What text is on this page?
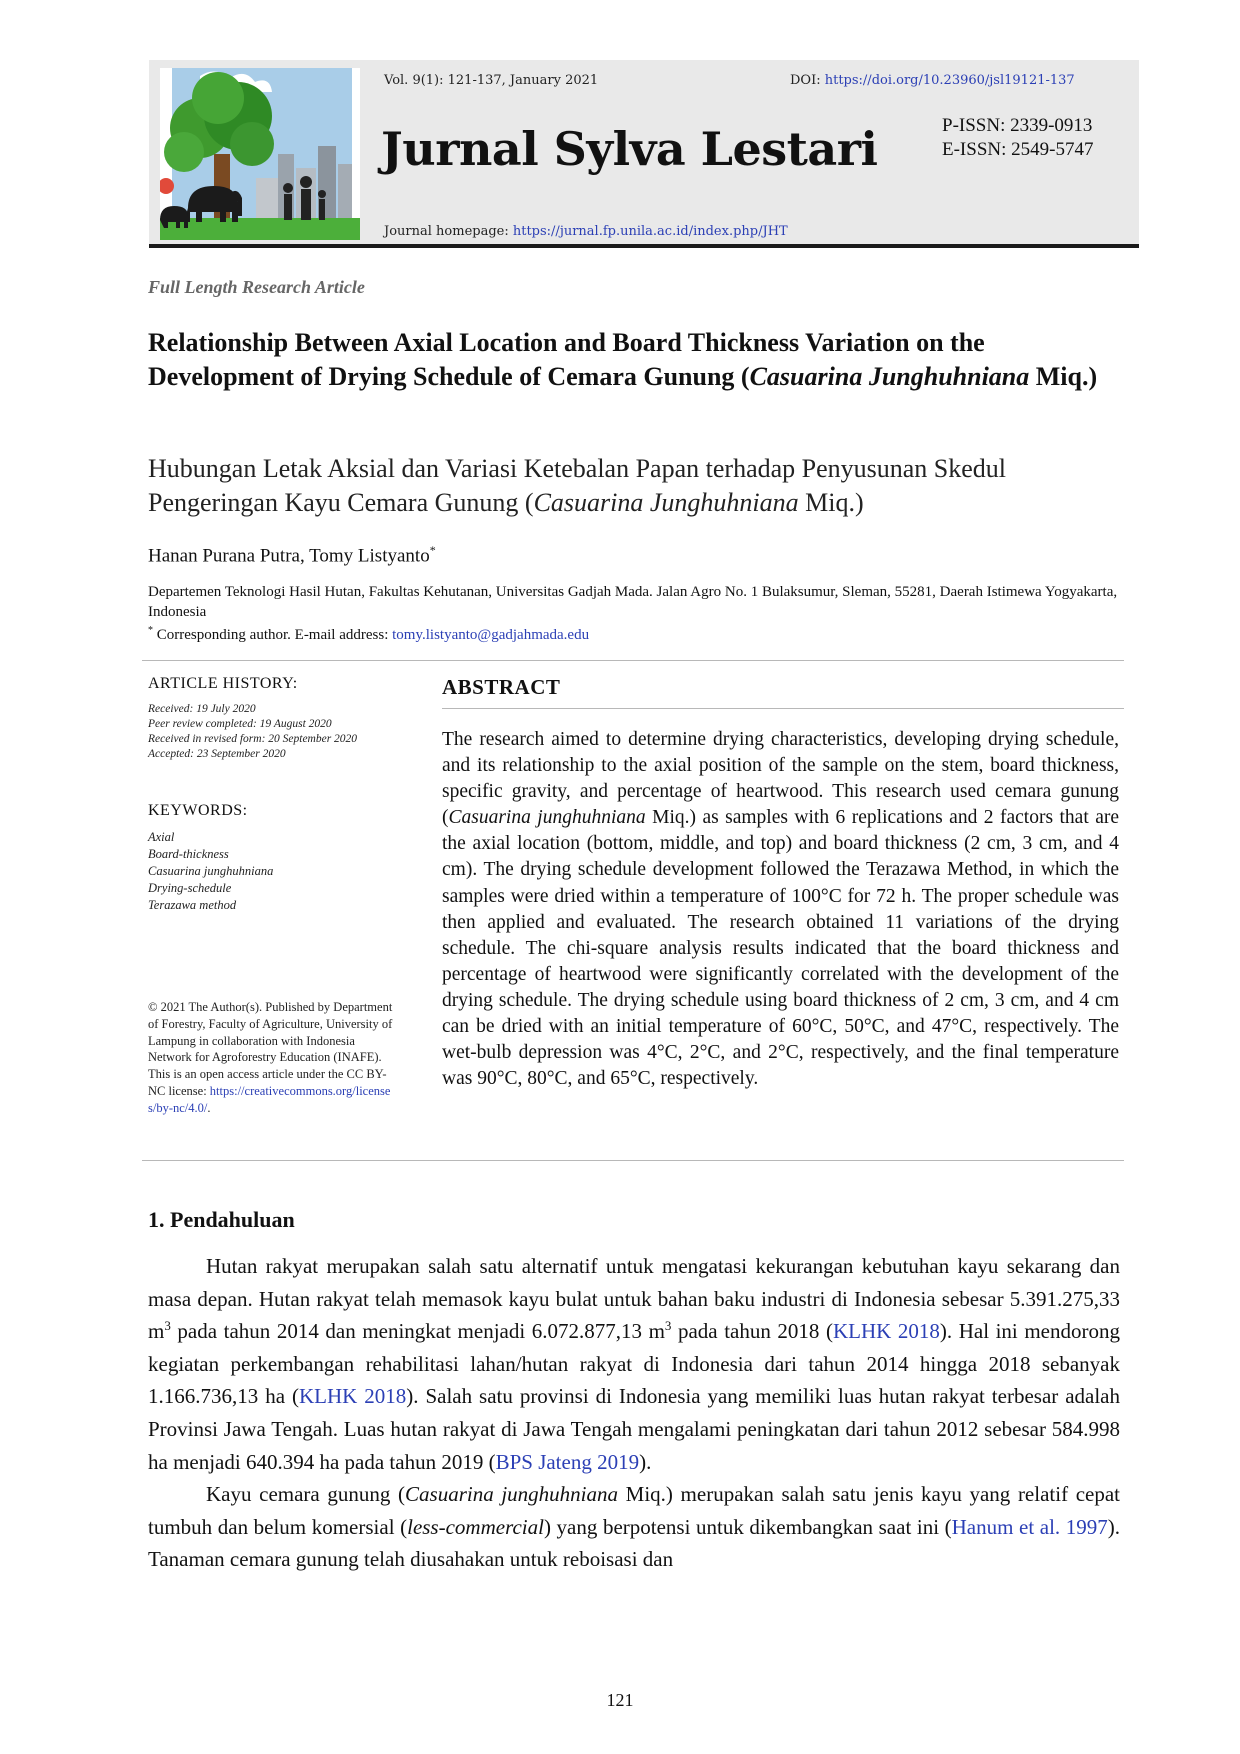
Vol. 9(1): 121-137, January 2021	DOI: https://doi.org/10.23960/jsl19121-137
Jurnal Sylva Lestari	P-ISSN: 2339-0913
E-ISSN: 2549-5747
Journal homepage: https://jurnal.fp.unila.ac.id/index.php/JHT
Full Length Research Article
Relationship Between Axial Location and Board Thickness Variation on the Development of Drying Schedule of Cemara Gunung (Casuarina Junghuhniana Miq.)
Hubungan Letak Aksial dan Variasi Ketebalan Papan terhadap Penyusunan Skedul Pengeringan Kayu Cemara Gunung (Casuarina Junghuhniana Miq.)
Hanan Purana Putra, Tomy Listyanto*
Departemen Teknologi Hasil Hutan, Fakultas Kehutanan, Universitas Gadjah Mada. Jalan Agro No. 1 Bulaksumur, Sleman, 55281, Daerah Istimewa Yogyakarta, Indonesia
* Corresponding author. E-mail address: tomy.listyanto@gadjahmada.edu
ARTICLE HISTORY:
Received: 19 July 2020
Peer review completed: 19 August 2020
Received in revised form: 20 September 2020
Accepted: 23 September 2020
KEYWORDS:
Axial
Board-thickness
Casuarina junghuhniana
Drying-schedule
Terazawa method
© 2021 The Author(s). Published by Department of Forestry, Faculty of Agriculture, University of Lampung in collaboration with Indonesia Network for Agroforestry Education (INAFE). This is an open access article under the CC BY-NC license: https://creativecommons.org/licenses/by-nc/4.0/.
ABSTRACT
The research aimed to determine drying characteristics, developing drying schedule, and its relationship to the axial position of the sample on the stem, board thickness, specific gravity, and percentage of heartwood. This research used cemara gunung (Casuarina junghuhniana Miq.) as samples with 6 replications and 2 factors that are the axial location (bottom, middle, and top) and board thickness (2 cm, 3 cm, and 4 cm). The drying schedule development followed the Terazawa Method, in which the samples were dried within a temperature of 100°C for 72 h. The proper schedule was then applied and evaluated. The research obtained 11 variations of the drying schedule. The chi-square analysis results indicated that the board thickness and percentage of heartwood were significantly correlated with the development of the drying schedule. The drying schedule using board thickness of 2 cm, 3 cm, and 4 cm can be dried with an initial temperature of 60°C, 50°C, and 47°C, respectively. The wet-bulb depression was 4°C, 2°C, and 2°C, respectively, and the final temperature was 90°C, 80°C, and 65°C, respectively.
1. Pendahuluan

Hutan rakyat merupakan salah satu alternatif untuk mengatasi kekurangan kebutuhan kayu sekarang dan masa depan. Hutan rakyat telah memasok kayu bulat untuk bahan baku industri di Indonesia sebesar 5.391.275,33 $m^3$ pada tahun 2014 dan meningkat menjadi 6.072.877,13 $m^3$ pada tahun 2018 (KLHK 2018). Hal ini mendorong kegiatan perkembangan rehabilitasi lahan/hutan rakyat di Indonesia dari tahun 2014 hingga 2018 sebanyak 1.166.736,13 ha (KLHK 2018). Salah satu provinsi di Indonesia yang memiliki luas hutan rakyat terbesar adalah Provinsi Jawa Tengah. Luas hutan rakyat di Jawa Tengah mengalami peningkatan dari tahun 2012 sebesar 584.998 ha menjadi 640.394 ha pada tahun 2019 (BPS Jateng 2019).

Kayu cemara gunung (Casuarina junghuhniana Miq.) merupakan salah satu jenis kayu yang relatif cepat tumbuh dan belum komersial (less-commercial) yang berpotensi untuk dikembangkan saat ini (Hanum et al. 1997). Tanaman cemara gunung telah diusahakan untuk reboisasi dan

121
